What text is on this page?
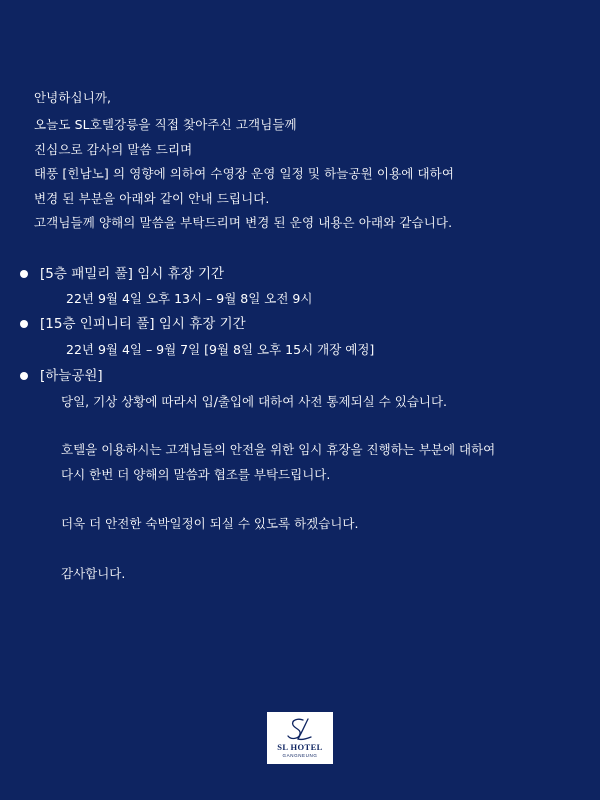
안녕하십니까,
오늘도 SL호텔강릉을 직접 찾아주신 고객님들께
진심으로 감사의 말씀 드리며
태풍 [힌남노] 의 영향에 의하여 수영장 운영 일정 및 하늘공원 이용에 대하여
변경 된 부분을 아래와 같이 안내 드립니다.
고객님들께 양해의 말씀을 부탁드리며 변경 된 운영 내용은 아래와 같습니다.
[5층 패밀리 풀] 임시 휴장 기간
22년 9월 4일 오후 13시 – 9월 8일 오전 9시
[15층 인피니티 풀] 임시 휴장 기간
22년 9월 4일 – 9월 7일 [9월 8일 오후 15시 개장 예정]
[하늘공원]
당일, 기상 상황에 따라서 입/출입에 대하여 사전 통제되실 수 있습니다.
호텔을 이용하시는 고객님들의 안전을 위한 임시 휴장을 진행하는 부분에 대하여
다시 한번 더 양해의 말씀과 협조를 부탁드립니다.
더욱 더 안전한 숙박일정이 되실 수 있도록 하겠습니다.
감사합니다.
SL HOTEL
GANGNEUNG
